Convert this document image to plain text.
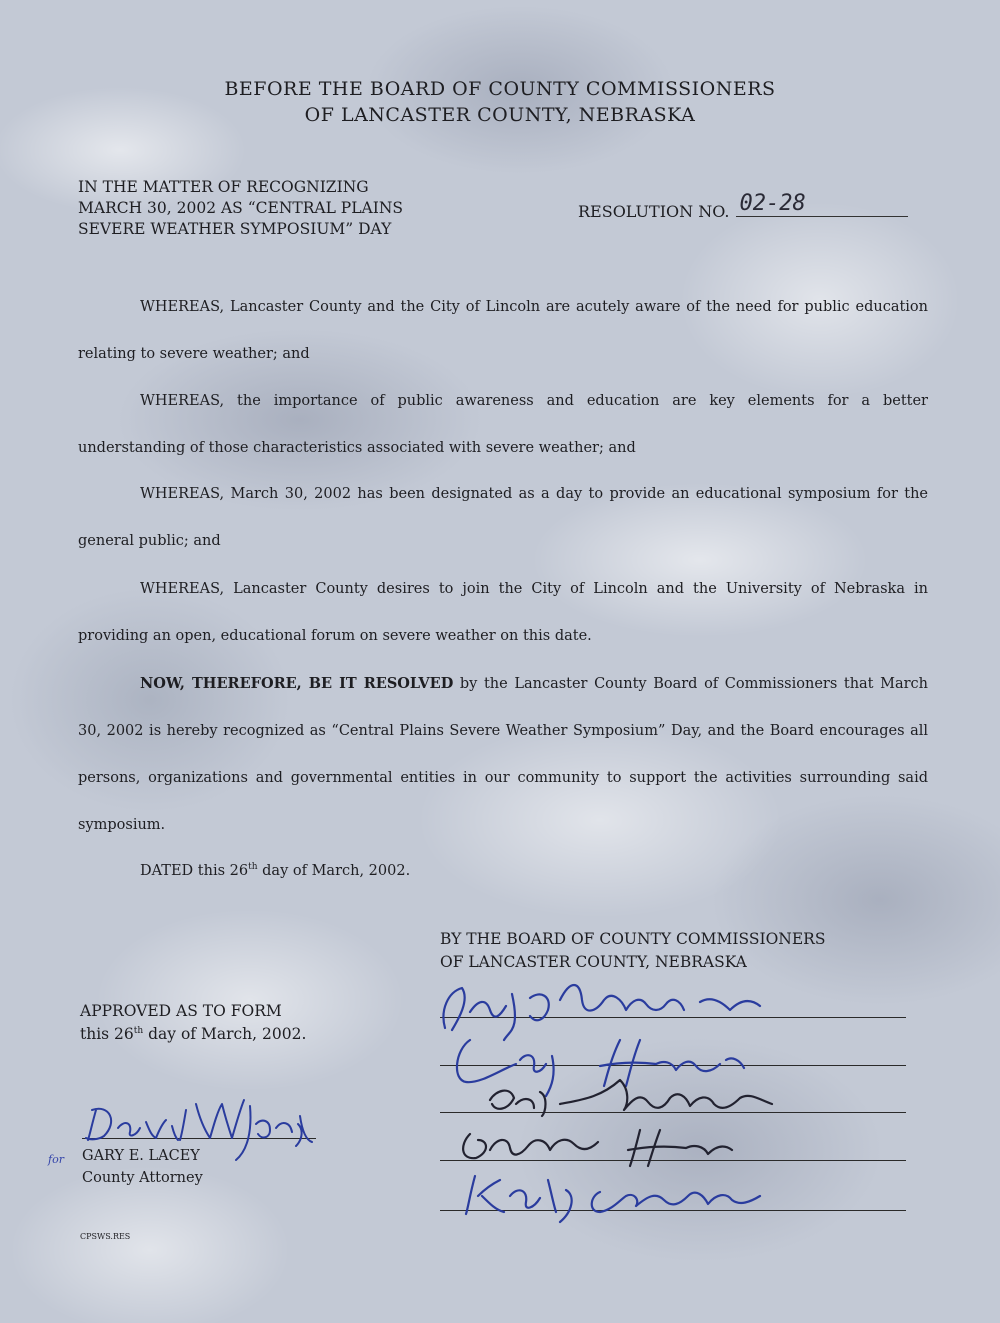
BEFORE THE BOARD OF COUNTY COMMISSIONERS
OF LANCASTER COUNTY, NEBRASKA
IN THE MATTER OF RECOGNIZING
MARCH 30, 2002 AS “CENTRAL PLAINS
SEVERE WEATHER SYMPOSIUM” DAY
RESOLUTION NO. 02-28
WHEREAS, Lancaster County and the City of Lincoln are acutely aware of the need for public education relating to severe weather; and
WHEREAS, the importance of public awareness and education are key elements for a better understanding of those characteristics associated with severe weather; and
WHEREAS, March 30, 2002 has been designated as a day to provide an educational symposium for the general public; and
WHEREAS, Lancaster County desires to join the City of Lincoln and the University of Nebraska in providing an open, educational forum on severe weather on this date.
NOW, THEREFORE, BE IT RESOLVED by the Lancaster County Board of Commissioners that March 30, 2002 is hereby recognized as “Central Plains Severe Weather Symposium” Day, and the Board encourages all persons, organizations and governmental entities in our community to support the activities surrounding said symposium.
DATED this 26th day of March, 2002.
BY THE BOARD OF COUNTY COMMISSIONERS
OF LANCASTER COUNTY, NEBRASKA
APPROVED AS TO FORM
this 26th day of March, 2002.
for GARY E. LACEY
County Attorney
CPSWS.RES
